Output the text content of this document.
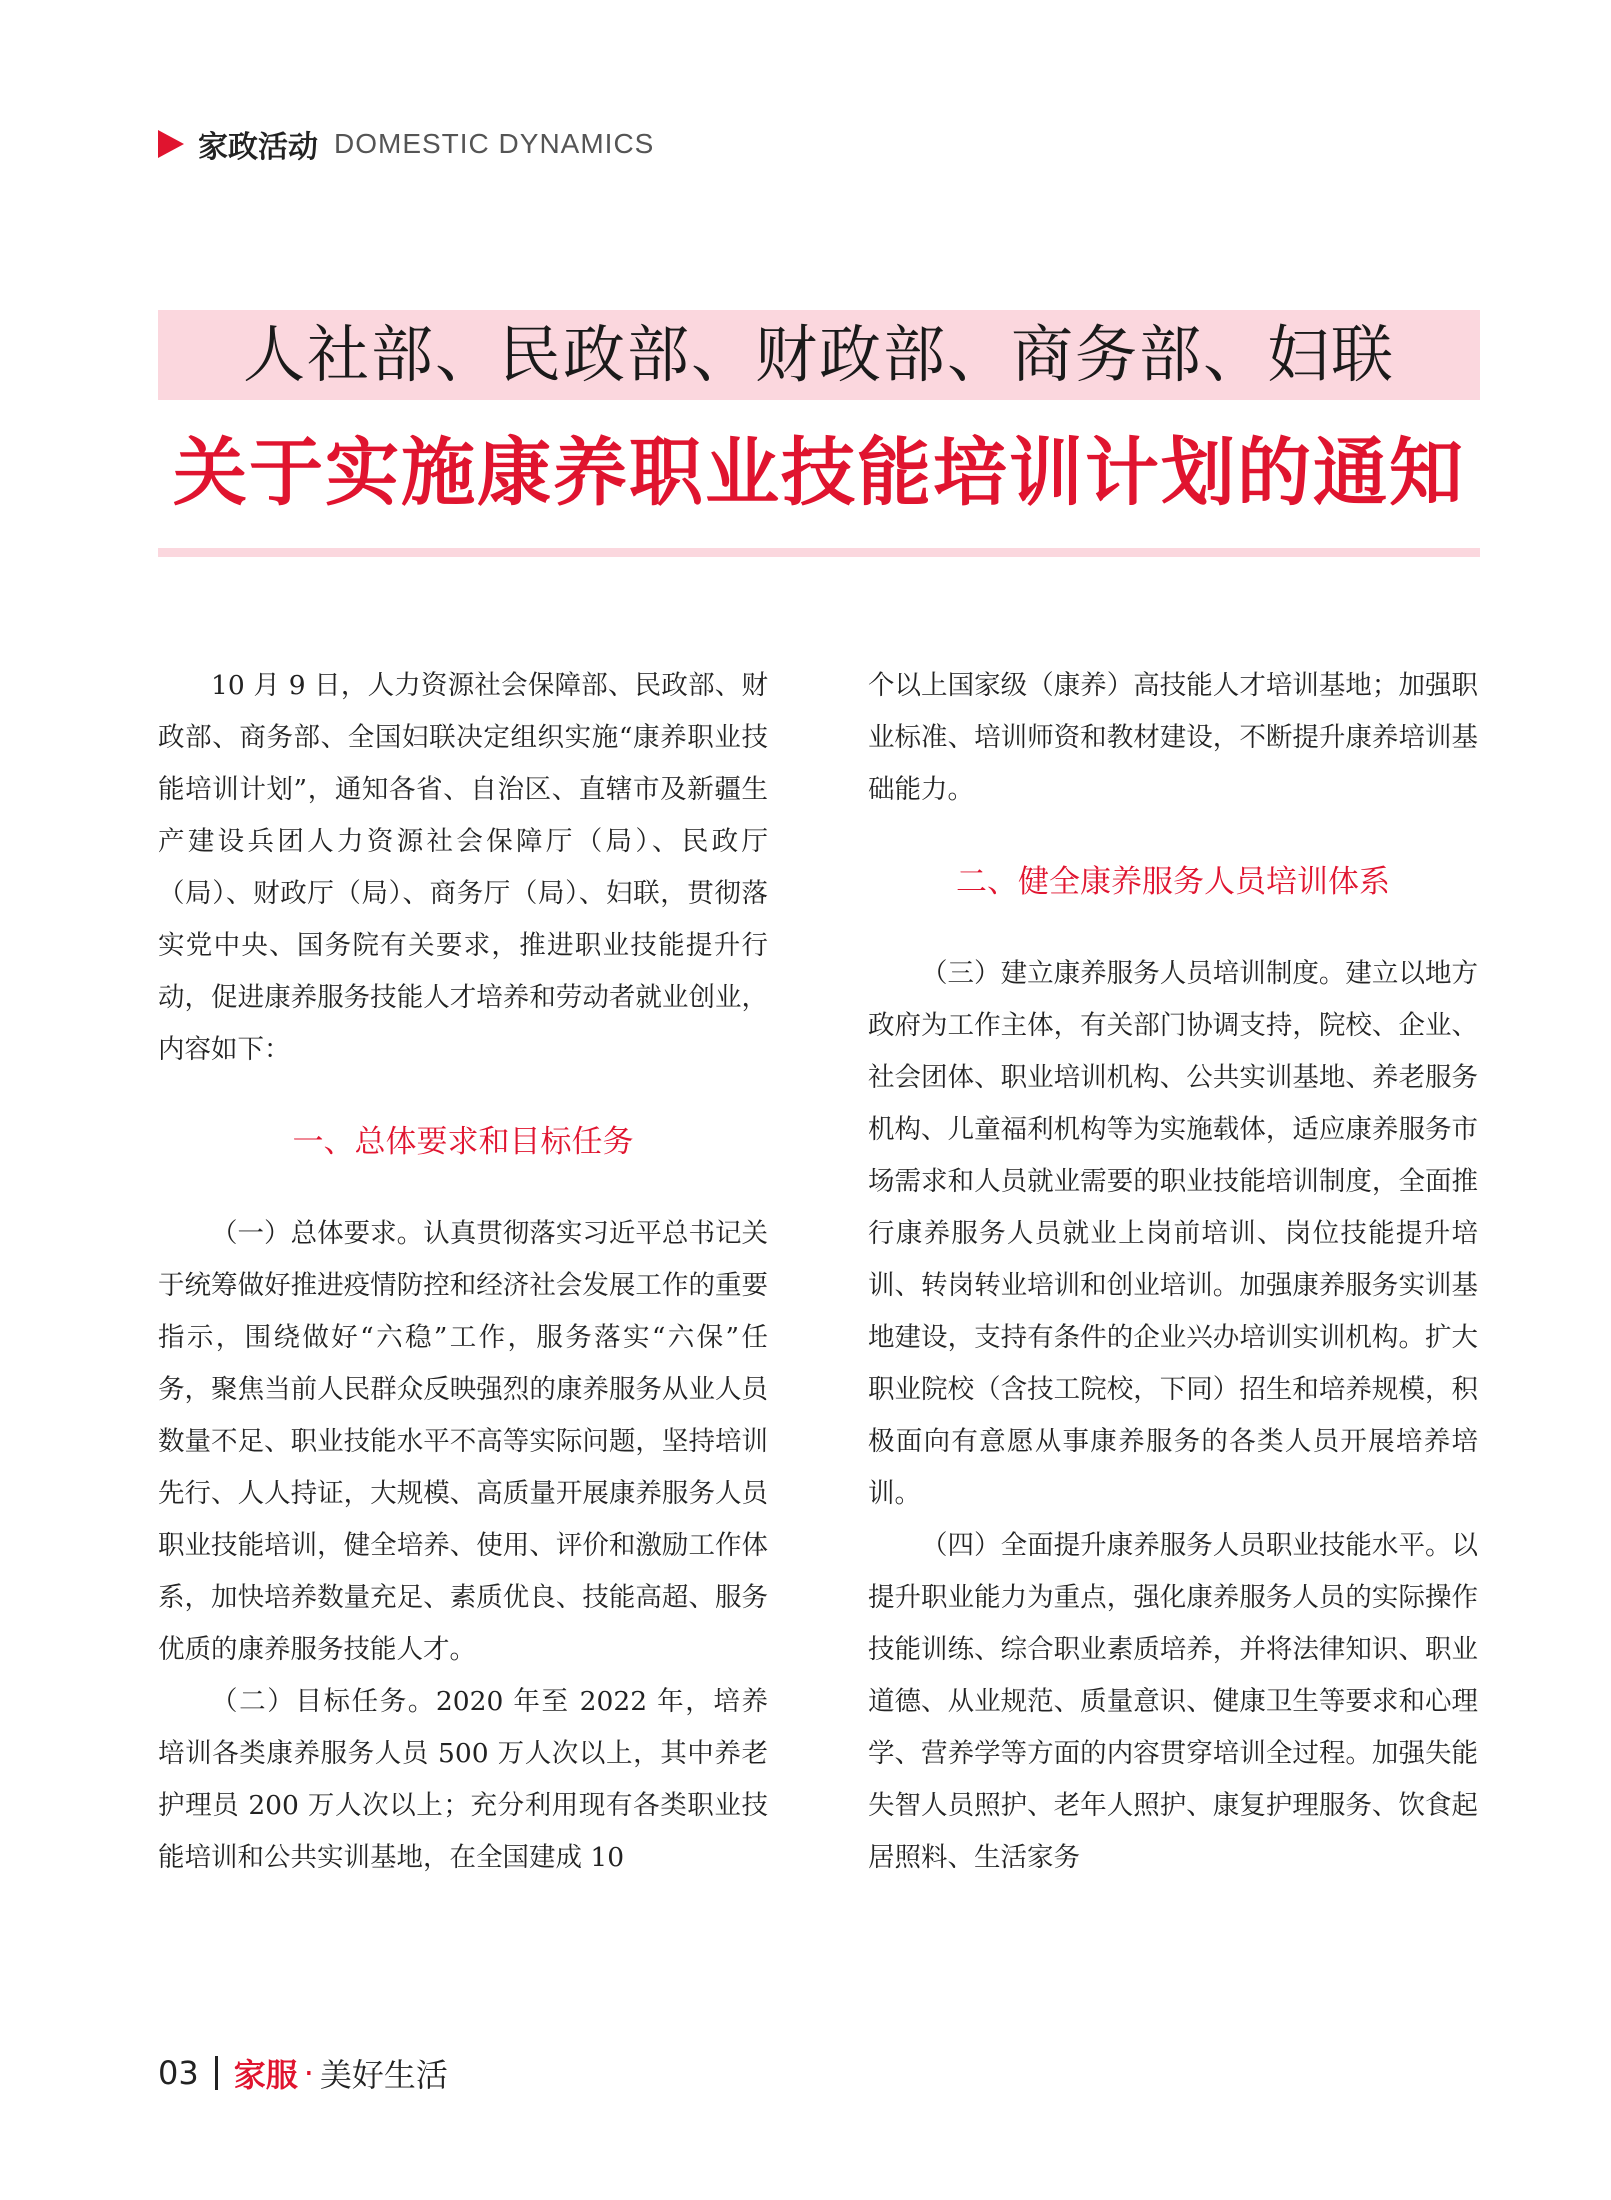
家政活动 DOMESTIC DYNAMICS
人社部、民政部、财政部、商务部、妇联
关于实施康养职业技能培训计划的通知

10 月 9 日，人力资源社会保障部、民政部、财政部、商务部、全国妇联决定组织实施“康养职业技能培训计划”，通知各省、自治区、直辖市及新疆生产建设兵团人力资源社会保障厅（局）、民政厅（局）、财政厅（局）、商务厅（局）、妇联，贯彻落实党中央、国务院有关要求，推进职业技能提升行动，促进康养服务技能人才培养和劳动者就业创业，内容如下：

一、总体要求和目标任务

（一）总体要求。认真贯彻落实习近平总书记关于统筹做好推进疫情防控和经济社会发展工作的重要指示，围绕做好“六稳”工作，服务落实“六保”任务，聚焦当前人民群众反映强烈的康养服务从业人员数量不足、职业技能水平不高等实际问题，坚持培训先行、人人持证，大规模、高质量开展康养服务人员职业技能培训，健全培养、使用、评价和激励工作体系，加快培养数量充足、素质优良、技能高超、服务优质的康养服务技能人才。

（二）目标任务。2020 年至 2022 年，培养培训各类康养服务人员 500 万人次以上，其中养老护理员 200 万人次以上；充分利用现有各类职业技能培训和公共实训基地，在全国建成 10

个以上国家级（康养）高技能人才培训基地；加强职业标准、培训师资和教材建设，不断提升康养培训基础能力。

二、健全康养服务人员培训体系

（三）建立康养服务人员培训制度。建立以地方政府为工作主体，有关部门协调支持，院校、企业、社会团体、职业培训机构、公共实训基地、养老服务机构、儿童福利机构等为实施载体，适应康养服务市场需求和人员就业需要的职业技能培训制度，全面推行康养服务人员就业上岗前培训、岗位技能提升培训、转岗转业培训和创业培训。加强康养服务实训基地建设，支持有条件的企业兴办培训实训机构。扩大职业院校（含技工院校，下同）招生和培养规模，积极面向有意愿从事康养服务的各类人员开展培养培训。

（四）全面提升康养服务人员职业技能水平。以提升职业能力为重点，强化康养服务人员的实际操作技能训练、综合职业素质培养，并将法律知识、职业道德、从业规范、质量意识、健康卫生等要求和心理学、营养学等方面的内容贯穿培训全过程。加强失能失智人员照护、老年人照护、康复护理服务、饮食起居照料、生活家务

03 家服 · 美好生活
